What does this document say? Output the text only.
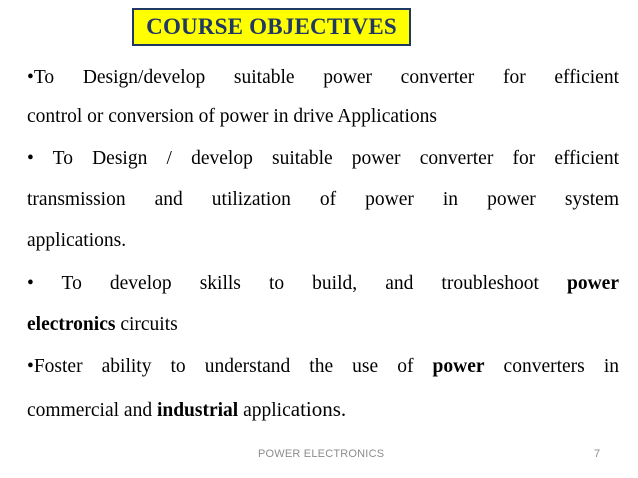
COURSE OBJECTIVES
•To Design/develop suitable power converter for efficient
control or conversion of power in drive Applications
• To Design / develop suitable power converter for efficient
transmission and utilization of power in power system
applications.
• To develop skills to build, and troubleshoot power
electronics circuits
•Foster ability to understand the use of power converters in
commercial and industrial applications.
POWER ELECTRONICS	7
